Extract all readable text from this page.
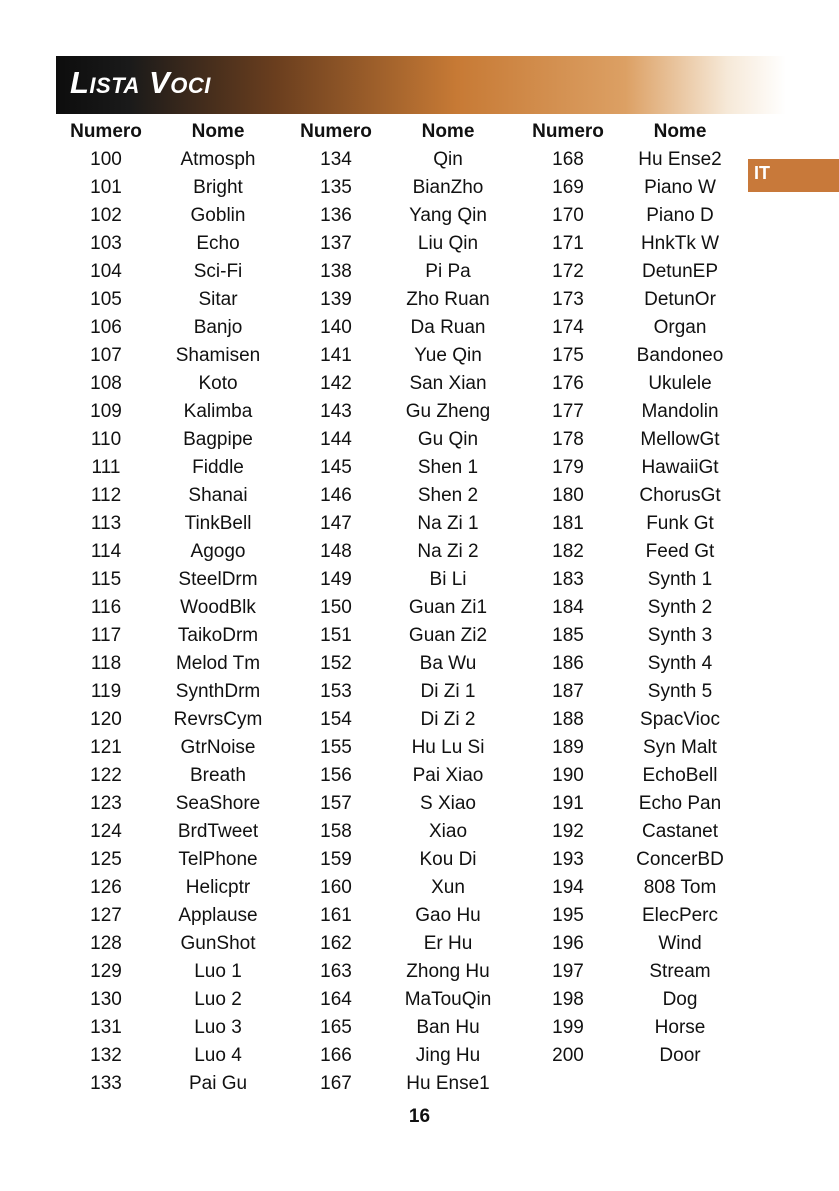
Lista Voci
IT
Numero	Nome
100	Atmosph
101	Bright
102	Goblin
103	Echo
104	Sci-Fi
105	Sitar
106	Banjo
107	Shamisen
108	Koto
109	Kalimba
110	Bagpipe
111	Fiddle
112	Shanai
113	TinkBell
114	Agogo
115	SteelDrm
116	WoodBlk
117	TaikoDrm
118	Melod Tm
119	SynthDrm
120	RevrsCym
121	GtrNoise
122	Breath
123	SeaShore
124	BrdTweet
125	TelPhone
126	Helicptr
127	Applause
128	GunShot
129	Luo 1
130	Luo 2
131	Luo 3
132	Luo 4
133	Pai Gu
Numero	Nome
134	Qin
135	BianZho
136	Yang Qin
137	Liu Qin
138	Pi Pa
139	Zho Ruan
140	Da Ruan
141	Yue Qin
142	San Xian
143	Gu Zheng
144	Gu Qin
145	Shen 1
146	Shen 2
147	Na Zi 1
148	Na Zi 2
149	Bi Li
150	Guan Zi1
151	Guan Zi2
152	Ba Wu
153	Di Zi 1
154	Di Zi 2
155	Hu Lu Si
156	Pai Xiao
157	S Xiao
158	Xiao
159	Kou Di
160	Xun
161	Gao Hu
162	Er Hu
163	Zhong Hu
164	MaTouQin
165	Ban Hu
166	Jing Hu
167	Hu Ense1
Numero	Nome
168	Hu Ense2
169	Piano W
170	Piano D
171	HnkTk W
172	DetunEP
173	DetunOr
174	Organ
175	Bandoneo
176	Ukulele
177	Mandolin
178	MellowGt
179	HawaiiGt
180	ChorusGt
181	Funk Gt
182	Feed Gt
183	Synth 1
184	Synth 2
185	Synth 3
186	Synth 4
187	Synth 5
188	SpacVioc
189	Syn Malt
190	EchoBell
191	Echo Pan
192	Castanet
193	ConcerBD
194	808 Tom
195	ElecPerc
196	Wind
197	Stream
198	Dog
199	Horse
200	Door
16
